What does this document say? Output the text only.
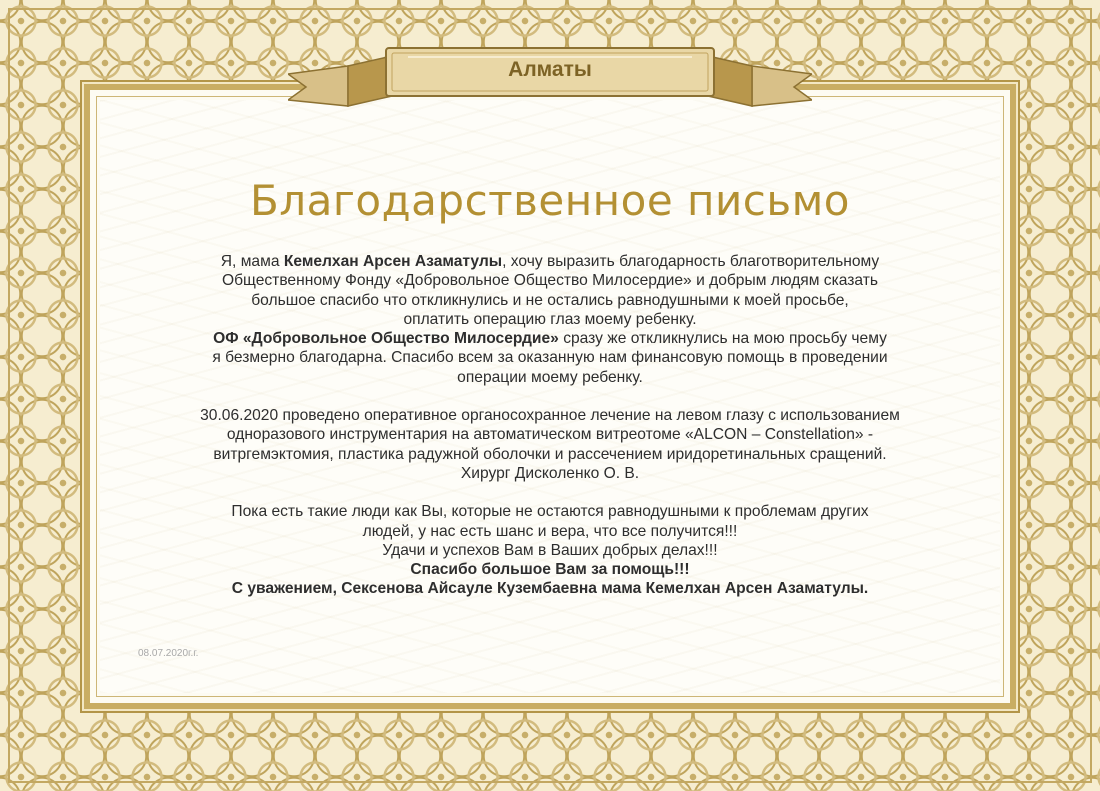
Алматы
Благодарственное письмо

Я, мама Кемелхан Арсен Азаматулы, хочу выразить благодарность благотворительному

Общественному Фонду «Добровольное Общество Милосердие» и добрым людям сказать

большое спасибо что откликнулись и не остались равнодушными к моей просьбе,

оплатить операцию глаз моему ребенку.

ОФ «Добровольное Общество Милосердие» сразу же откликнулись на мою просьбу чему

я безмерно благодарна. Спасибо всем за оказанную нам финансовую помощь в проведении

операции моему ребенку.

30.06.2020 проведено оперативное органосохранное лечение на левом глазу с использованием

одноразового инструментария на автоматическом витреотоме «ALCON – Constellation» -

витргемэктомия, пластика радужной оболочки и рассечением иридоретинальных сращений.

Хирург Дисколенко О. В.

Пока есть такие люди как Вы, которые не остаются равнодушными к проблемам других

людей, у нас есть шанс и вера, что все получится!!!

Удачи и успехов Вам в Ваших добрых делах!!!

Спасибо большое Вам за помощь!!!

С уважением, Сексенова Айсауле Кузембаевна мама Кемелхан Арсен Азаматулы.

08.07.2020г.г.
